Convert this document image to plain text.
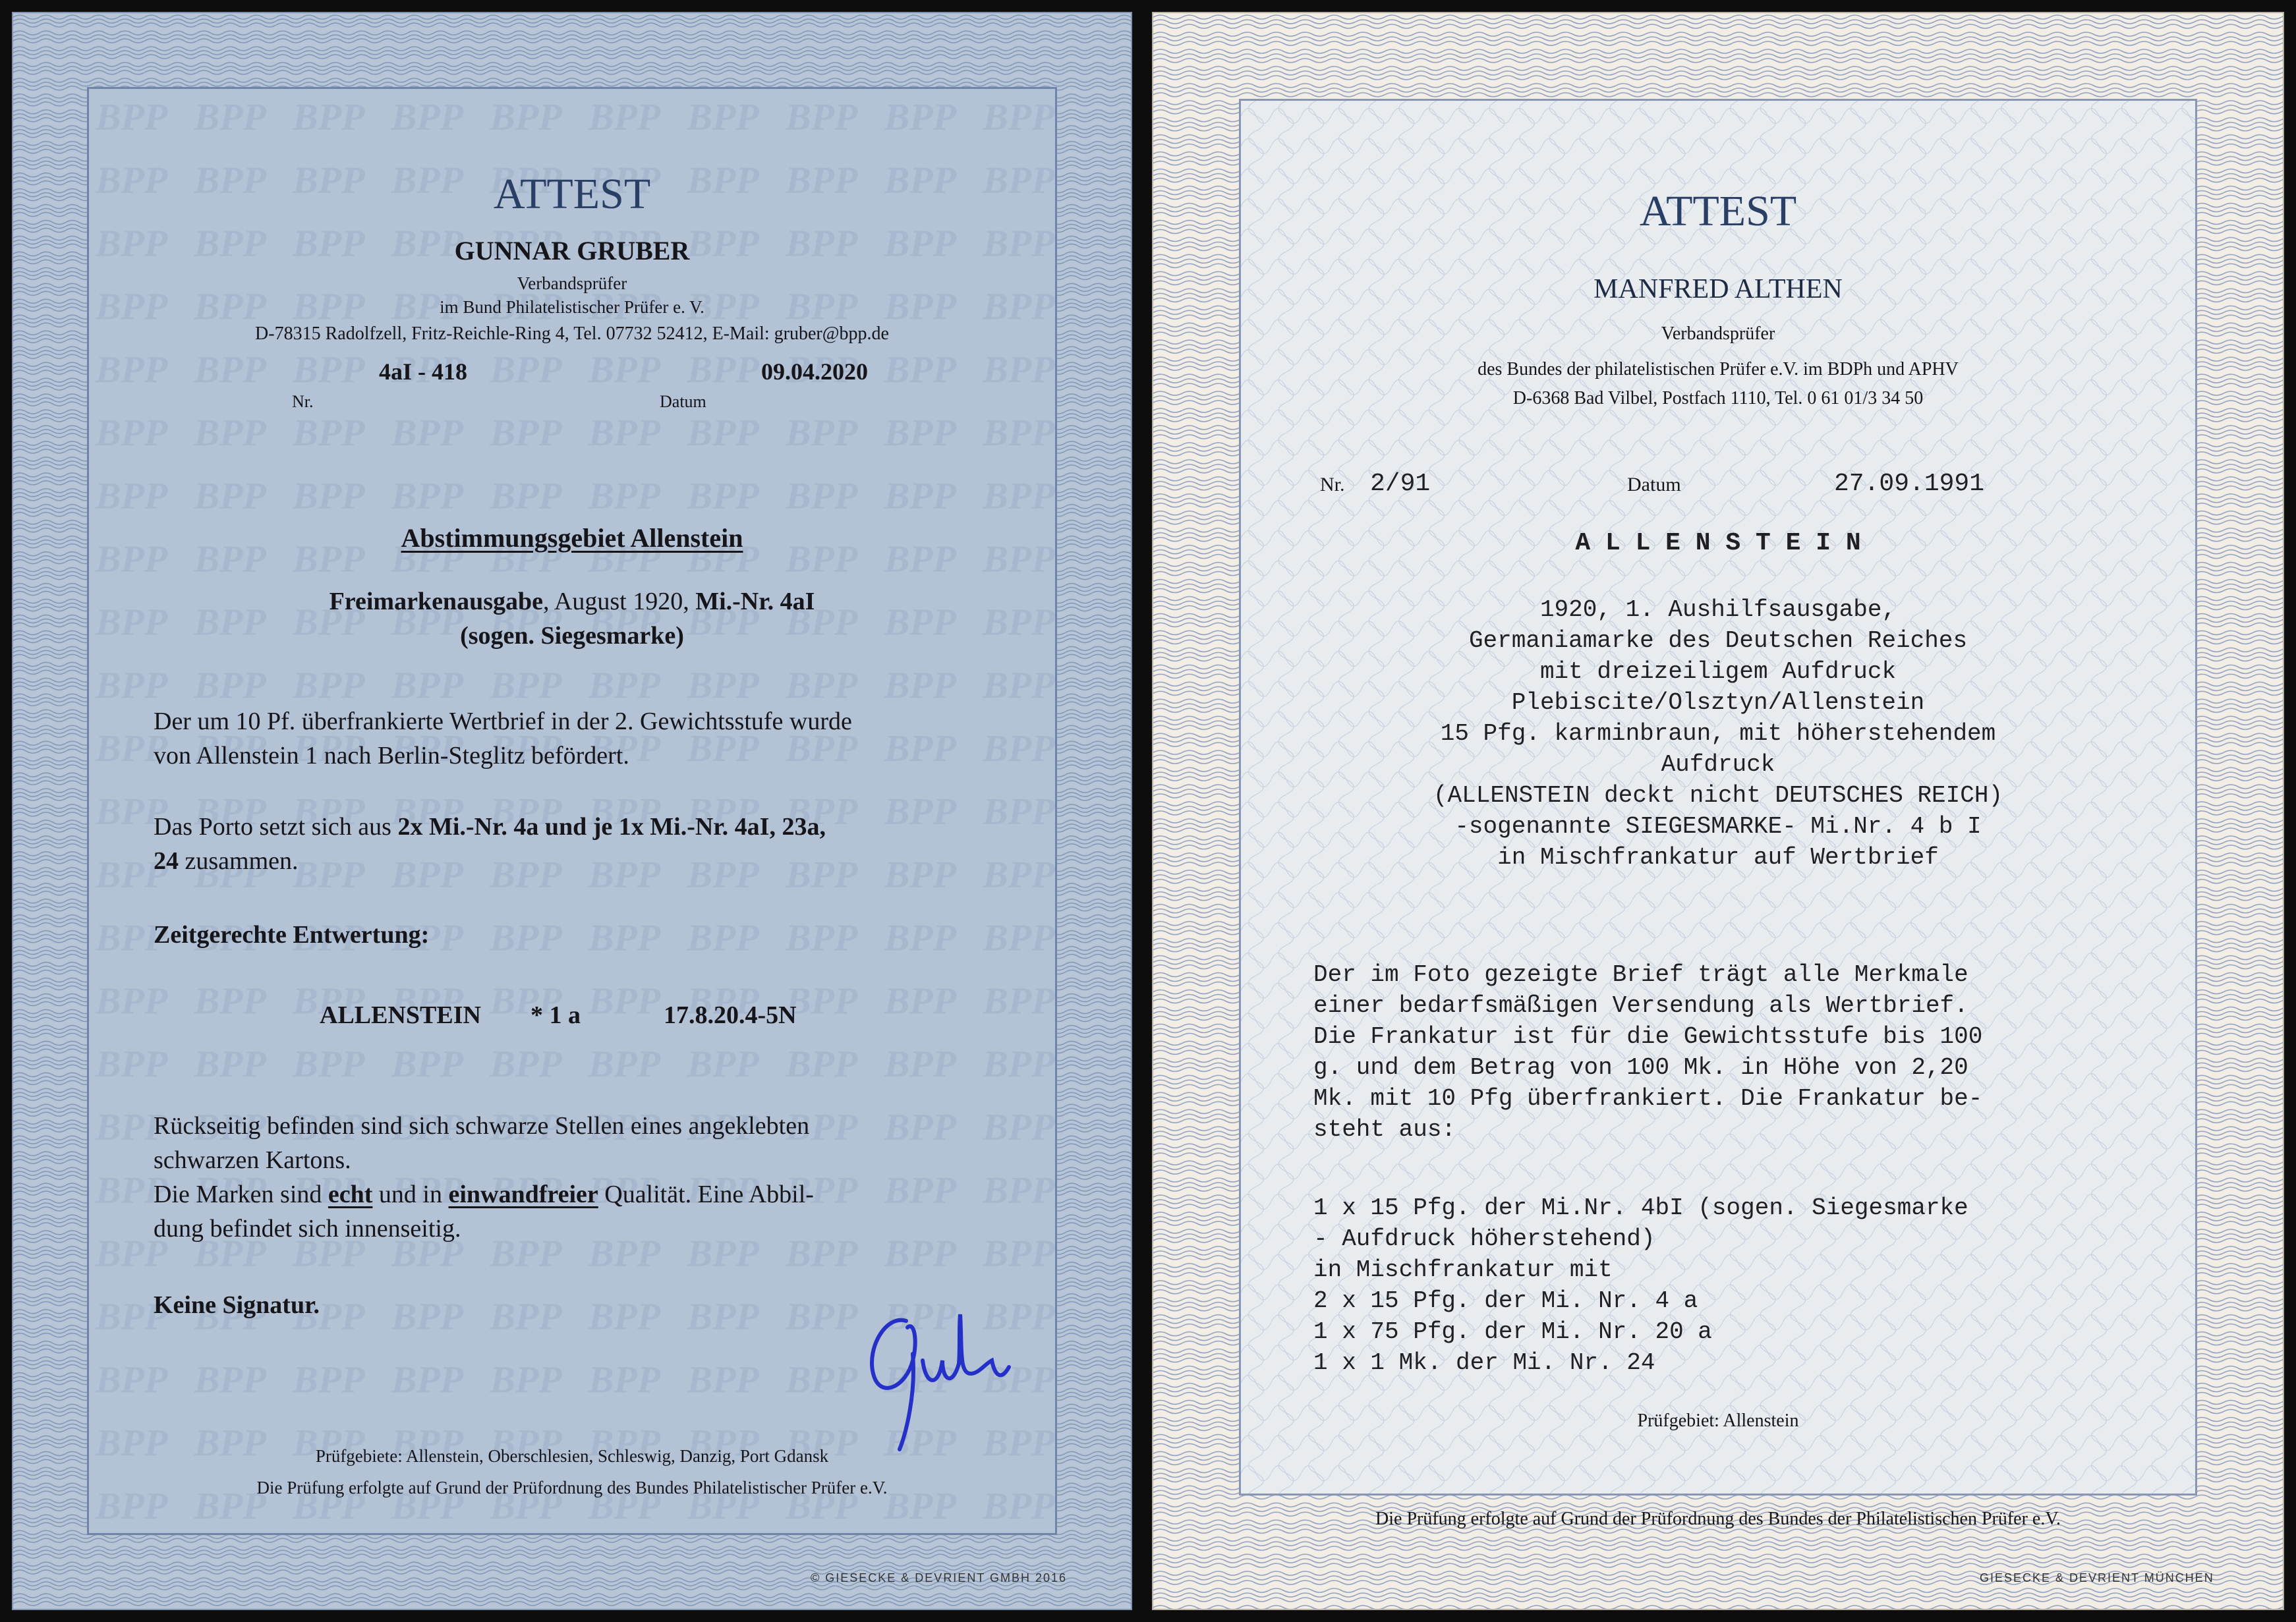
ATTEST
GUNNAR GRUBER
Verbandsprüfer
im Bund Philatelistischer Prüfer e. V.
D-78315 Radolfzell, Fritz-Reichle-Ring 4, Tel. 07732 52412, E-Mail: gruber@bpp.de
4aI - 418	09.04.2020
Nr.	Datum
Abstimmungsgebiet Allenstein
Freimarkenausgabe, August 1920, Mi.-Nr. 4aI
(sogen. Siegesmarke)
Der um 10 Pf. überfrankierte Wertbrief in der 2. Gewichtsstufe wurde
von Allenstein 1 nach Berlin-Steglitz befördert.
Das Porto setzt sich aus 2x Mi.-Nr. 4a und je 1x Mi.-Nr. 4aI, 23a,
24 zusammen.
Zeitgerechte Entwertung:
ALLENSTEIN * 1 a	17.8.20.4-5N
Rückseitig befinden sind sich schwarze Stellen eines angeklebten
schwarzen Kartons.
Die Marken sind echt und in einwandfreier Qualität. Eine Abbil-
dung befindet sich innenseitig.
Keine Signatur.
Prüfgebiete: Allenstein, Oberschlesien, Schleswig, Danzig, Port Gdansk
Die Prüfung erfolgte auf Grund der Prüfordnung des Bundes Philatelistischer Prüfer e.V.
© GIESECKE & DEVRIENT GMBH 2016
ATTEST
MANFRED ALTHEN
Verbandsprüfer
des Bundes der philatelistischen Prüfer e.V. im BDPh und APHV
D-6368 Bad Vilbel, Postfach 1110, Tel. 0 61 01/3 34 50
Nr. 2/91	Datum	27.09.1991
A L L E N S T E I N
1920, 1. Aushilfsausgabe,
Germaniamarke des Deutschen Reiches
mit dreizeiligem Aufdruck
Plebiscite/Olsztyn/Allenstein
15 Pfg. karminbraun, mit höherstehendem
Aufdruck
(ALLENSTEIN deckt nicht DEUTSCHES REICH)
-sogenannte SIEGESMARKE- Mi.Nr. 4 b I
in Mischfrankatur auf Wertbrief
Der im Foto gezeigte Brief trägt alle Merkmale
einer bedarfsmäßigen Versendung als Wertbrief.
Die Frankatur ist für die Gewichtsstufe bis 100
g. und dem Betrag von 100 Mk. in Höhe von 2,20
Mk. mit 10 Pfg überfrankiert. Die Frankatur be-
steht aus:
1 x 15 Pfg. der Mi.Nr. 4bI (sogen. Siegesmarke
- Aufdruck höherstehend)
in Mischfrankatur mit
2 x 15 Pfg. der Mi. Nr. 4 a
1 x 75 Pfg. der Mi. Nr. 20 a
1 x 1 Mk. der Mi. Nr. 24
Prüfgebiet: Allenstein
Die Prüfung erfolgte auf Grund der Prüfordnung des Bundes der Philatelistischen Prüfer e.V.
GIESECKE & DEVRIENT MÜNCHEN
